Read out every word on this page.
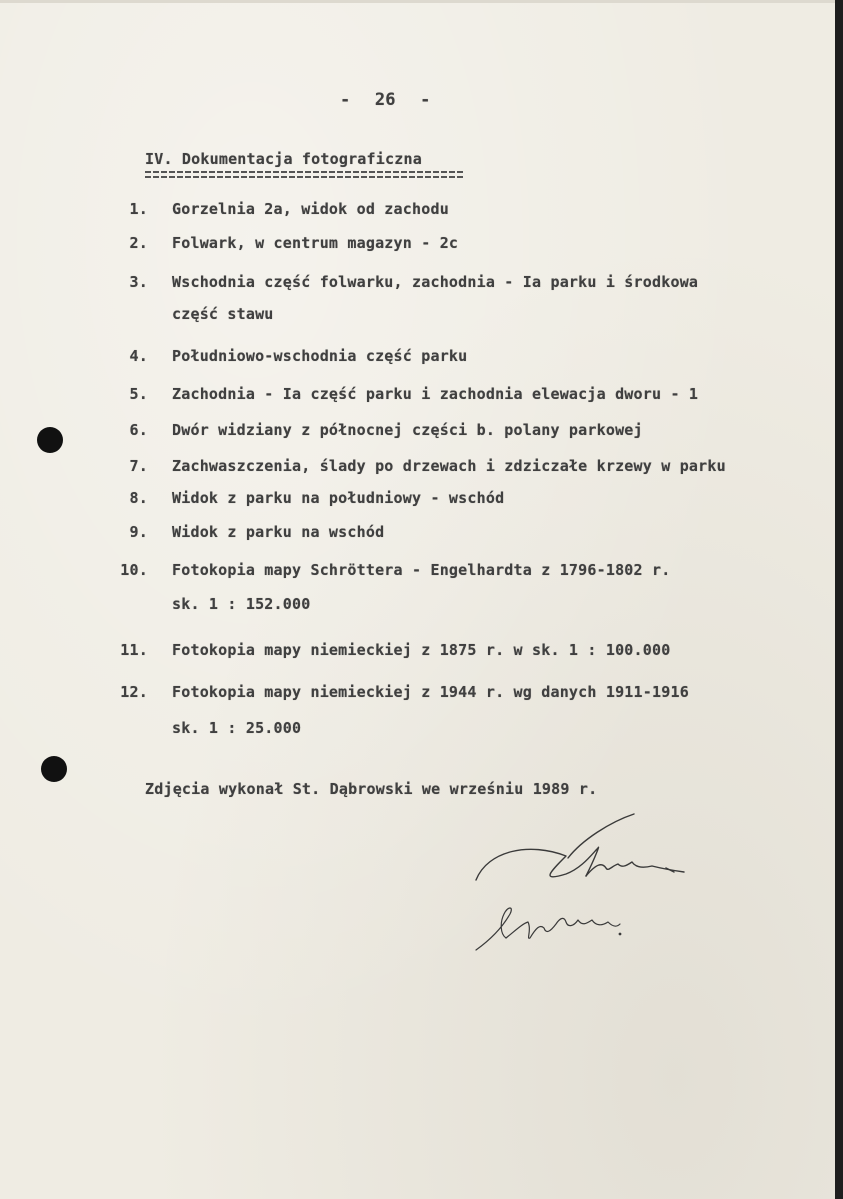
- 26 -
IV. Dokumentacja fotograficzna
1. Gorzelnia 2a, widok od zachodu
2. Folwark, w centrum magazyn - 2c
3. Wschodnia część folwarku, zachodnia - Ia parku i środkowa
część stawu
4. Południowo-wschodnia część parku
5. Zachodnia - Ia część parku i zachodnia elewacja dworu - 1
6. Dwór widziany z północnej części b. polany parkowej
7. Zachwaszczenia, ślady po drzewach i zdziczałe krzewy w parku
8. Widok z parku na południowy - wschód
9. Widok z parku na wschód
10. Fotokopia mapy Schröttera - Engelhardta z 1796-1802 r.
sk. 1 : 152.000
11. Fotokopia mapy niemieckiej z 1875 r. w sk. 1 : 100.000
12. Fotokopia mapy niemieckiej z 1944 r. wg danych 1911-1916
sk. 1 : 25.000
Zdjęcia wykonał St. Dąbrowski we wrześniu 1989 r.
